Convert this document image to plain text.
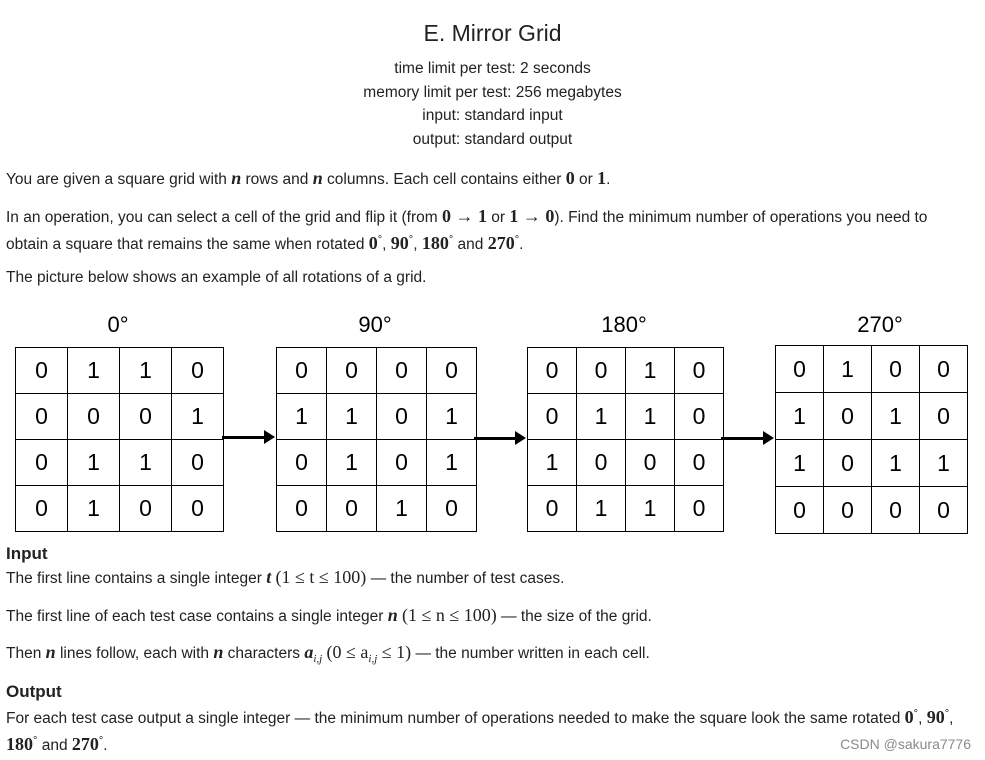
E. Mirror Grid
time limit per test: 2 seconds
memory limit per test: 256 megabytes
input: standard input
output: standard output
You are given a square grid with n rows and n columns. Each cell contains either 0 or 1.
In an operation, you can select a cell of the grid and flip it (from 0 → 1 or 1 → 0). Find the minimum number of operations you need to obtain a square that remains the same when rotated 0°, 90°, 180° and 270°.
The picture below shows an example of all rotations of a grid.
0°	90°	180°	270°
0	1	1	0
0	0	0	1
0	1	1	0
0	1	0	0
0	0	0	0
1	1	0	1
0	1	0	1
0	0	1	0
0	0	1	0
0	1	1	0
1	0	0	0
0	1	1	0
0	1	0	0
1	0	1	0
1	0	1	1
0	0	0	0
Input
The first line contains a single integer t (1 ≤ t ≤ 100) — the number of test cases.
The first line of each test case contains a single integer n (1 ≤ n ≤ 100) — the size of the grid.
Then n lines follow, each with n characters $a_{i,j}$ $(0 \le a_{i,j} \le 1)$ — the number written in each cell.
Output
For each test case output a single integer — the minimum number of operations needed to make the square look the same rotated 0°, 90°, 180° and 270°.	CSDN @sakura7776
